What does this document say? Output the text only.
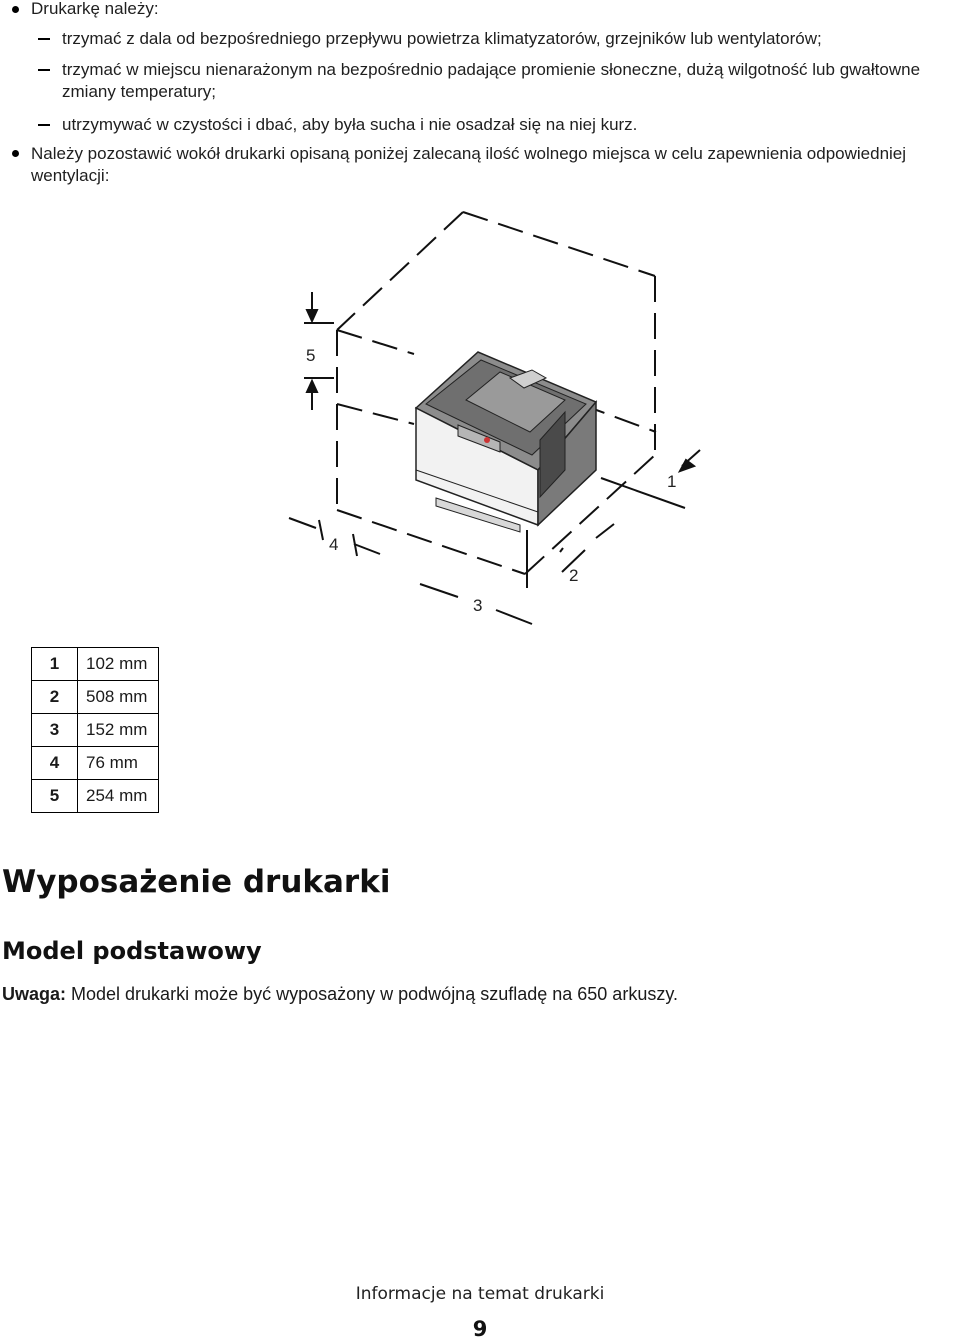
Drukarkę należy:
trzymać z dala od bezpośredniego przepływu powietrza klimatyzatorów, grzejników lub wentylatorów;
trzymać w miejscu nienarażonym na bezpośrednio padające promienie słoneczne, dużą wilgotność lub gwałtowne zmiany temperatury;
utrzymywać w czystości i dbać, aby była sucha i nie osadzał się na niej kurz.
Należy pozostawić wokół drukarki opisaną poniżej zalecaną ilość wolnego miejsca w celu zapewnienia odpowiedniej wentylacji:
5
1
4
2
3
1	102 mm
2	508 mm
3	152 mm
4	76 mm
5	254 mm
Wyposażenie drukarki
Model podstawowy
Uwaga: Model drukarki może być wyposażony w podwójną szufladę na 650 arkuszy.
Informacje na temat drukarki
9
